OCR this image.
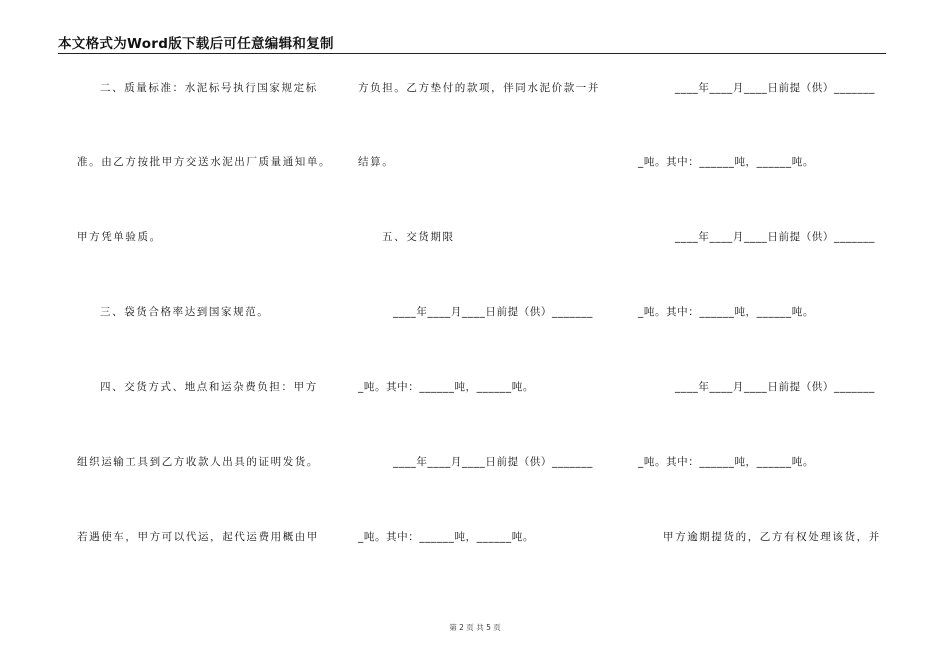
本文格式为Word版下载后可任意编辑和复制
二、质量标准：水泥标号执行国家规定标
准。由乙方按批甲方交送水泥出厂质量通知单。
甲方凭单验质。
三、袋货合格率达到国家规范。
四、交货方式、地点和运杂费负担：甲方
组织运输工具到乙方收款人出具的证明发货。
若遇使车，甲方可以代运，起代运费用概由甲
方负担。乙方垫付的款项，伴同水泥价款一并
结算。
五、交货期限
____年____月____日前提（供）_______
_吨。其中：______吨，______吨。
____年____月____日前提（供）_______
_吨。其中：______吨，______吨。
____年____月____日前提（供）_______
_吨。其中：______吨，______吨。
____年____月____日前提（供）_______
_吨。其中：______吨，______吨。
____年____月____日前提（供）_______
_吨。其中：______吨，______吨。
甲方逾期提货的，乙方有权处理该货，并
第 2 页 共 5 页
